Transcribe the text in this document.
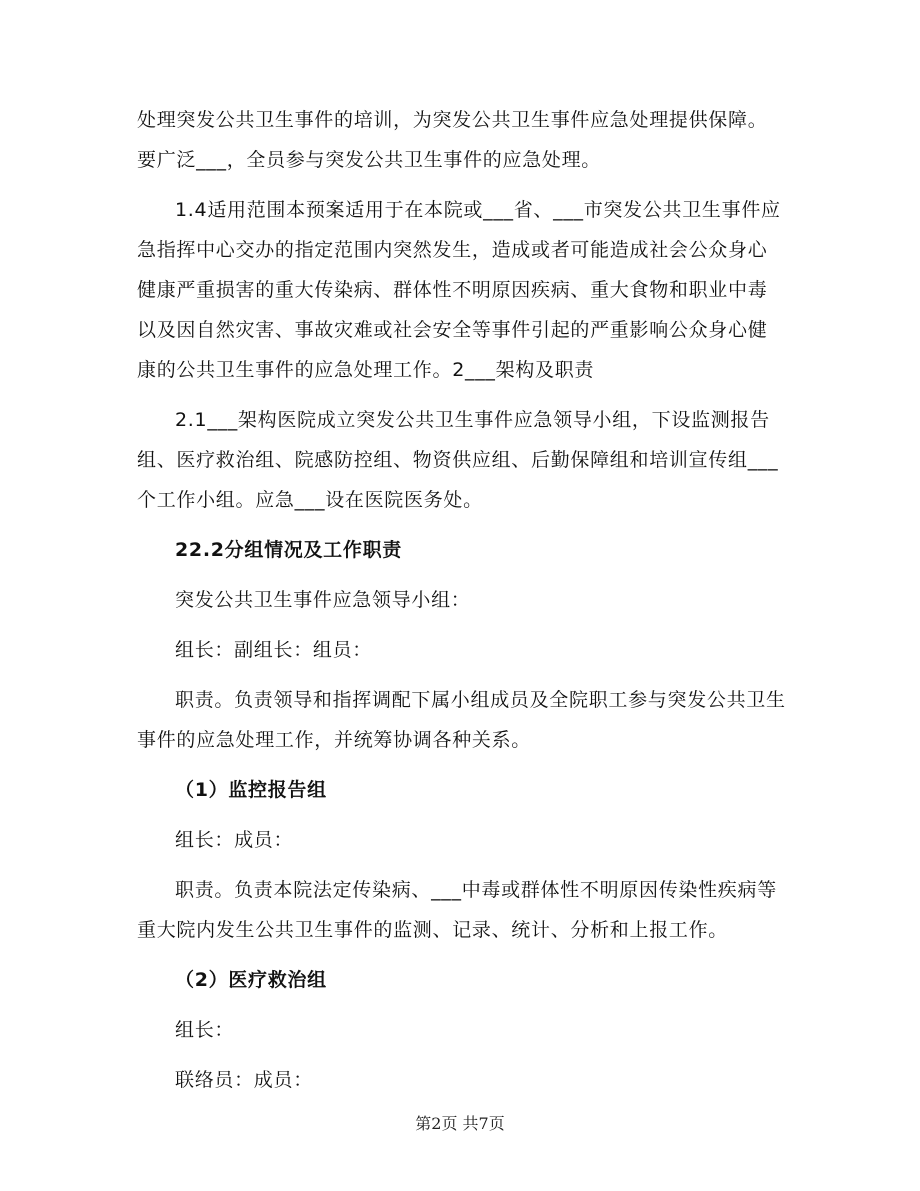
处理突发公共卫生事件的培训，为突发公共卫生事件应急处理提供保障。要广泛___，全员参与突发公共卫生事件的应急处理。

1.4适用范围本预案适用于在本院或___省、___市突发公共卫生事件应急指挥中心交办的指定范围内突然发生，造成或者可能造成社会公众身心健康严重损害的重大传染病、群体性不明原因疾病、重大食物和职业中毒以及因自然灾害、事故灾难或社会安全等事件引起的严重影响公众身心健康的公共卫生事件的应急处理工作。2___架构及职责

2.1___架构医院成立突发公共卫生事件应急领导小组，下设监测报告组、医疗救治组、院感防控组、物资供应组、后勤保障组和培训宣传组___个工作小组。应急___设在医院医务处。

22.2分组情况及工作职责

突发公共卫生事件应急领导小组：

组长：副组长：组员：

职责。负责领导和指挥调配下属小组成员及全院职工参与突发公共卫生事件的应急处理工作，并统筹协调各种关系。

（1）监控报告组

组长：成员：

职责。负责本院法定传染病、___中毒或群体性不明原因传染性疾病等重大院内发生公共卫生事件的监测、记录、统计、分析和上报工作。

（2）医疗救治组

组长：

联络员：成员：

第2页 共7页
